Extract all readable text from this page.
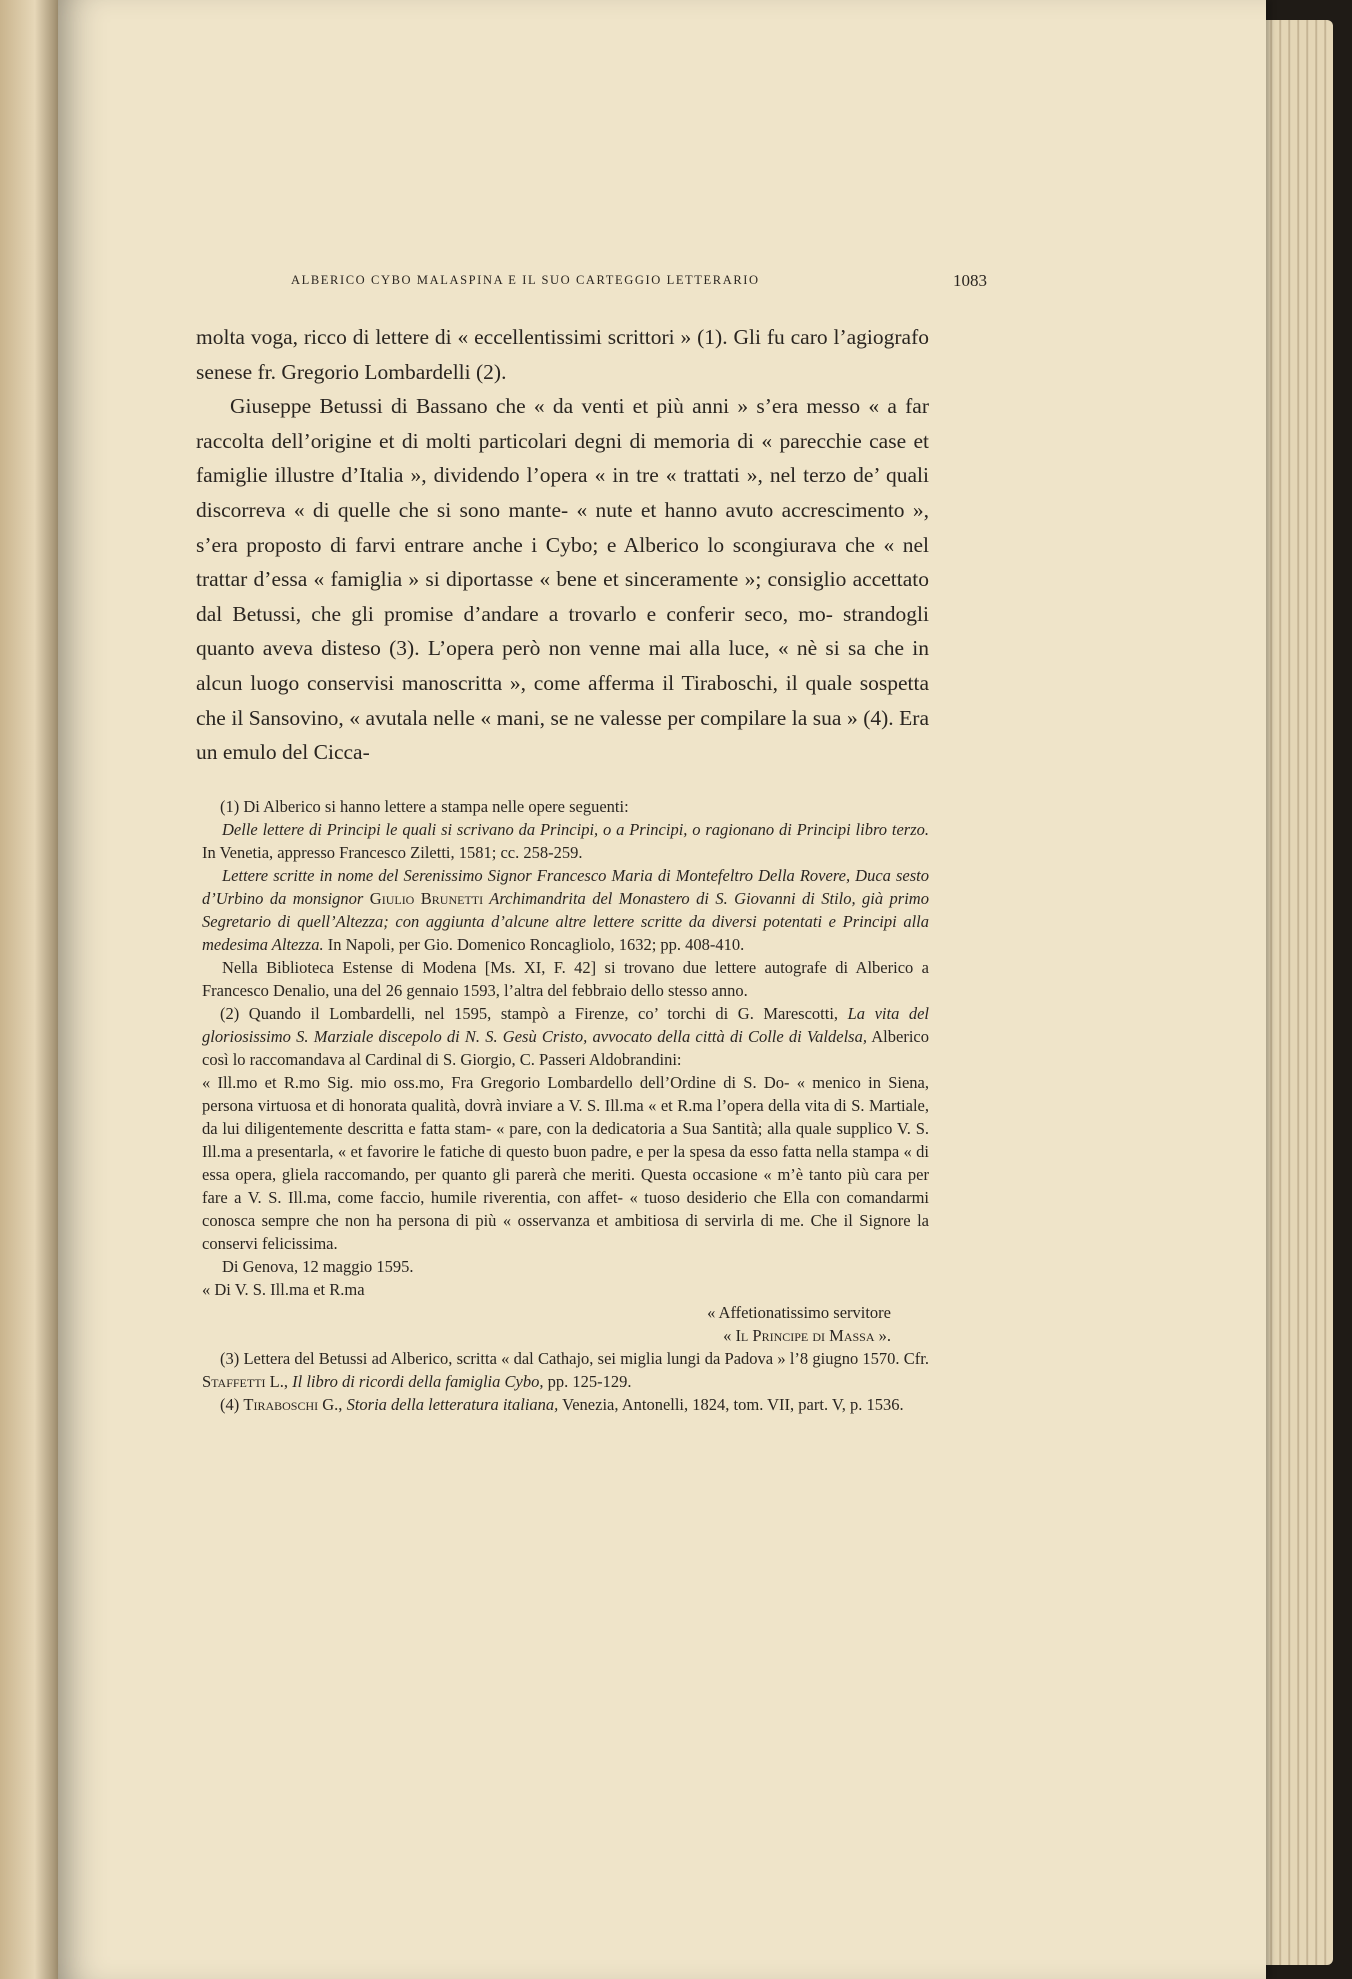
ALBERICO CYBO MALASPINA E IL SUO CARTEGGIO LETTERARIO	1083

molta voga, ricco di lettere di « eccellentissimi scrittori » (1). Gli fu caro l’agiografo senese fr. Gregorio Lombardelli (2).

Giuseppe Betussi di Bassano che « da venti et più anni » s’era messo « a far raccolta dell’origine et di molti particolari degni di memoria di « parecchie case et famiglie illustre d’Italia », dividendo l’opera « in tre « trattati », nel terzo de’ quali discorreva « di quelle che si sono mante- « nute et hanno avuto accrescimento », s’era proposto di farvi entrare anche i Cybo; e Alberico lo scongiurava che « nel trattar d’essa « famiglia » si diportasse « bene et sinceramente »; consiglio accettato dal Betussi, che gli promise d’andare a trovarlo e conferir seco, mo- strandogli quanto aveva disteso (3). L’opera però non venne mai alla luce, « nè si sa che in alcun luogo conservisi manoscritta », come afferma il Tiraboschi, il quale sospetta che il Sansovino, « avutala nelle « mani, se ne valesse per compilare la sua » (4). Era un emulo del Cicca-

(1) Di Alberico si hanno lettere a stampa nelle opere seguenti:

Delle lettere di Principi le quali si scrivano da Principi, o a Principi, o ragionano di Principi libro terzo. In Venetia, appresso Francesco Ziletti, 1581; cc. 258-259.

Lettere scritte in nome del Serenissimo Signor Francesco Maria di Montefeltro Della Rovere, Duca sesto d’Urbino da monsignor Giulio Brunetti Archimandrita del Monastero di S. Giovanni di Stilo, già primo Segretario di quell’Altezza; con aggiunta d’alcune altre lettere scritte da diversi potentati e Principi alla medesima Altezza. In Napoli, per Gio. Domenico Roncagliolo, 1632; pp. 408-410.

Nella Biblioteca Estense di Modena [Ms. XI, F. 42] si trovano due lettere autografe di Alberico a Francesco Denalio, una del 26 gennaio 1593, l’altra del febbraio dello stesso anno.

(2) Quando il Lombardelli, nel 1595, stampò a Firenze, co’ torchi di G. Marescotti, La vita del gloriosissimo S. Marziale discepolo di N. S. Gesù Cristo, avvocato della città di Colle di Valdelsa, Alberico così lo raccomandava al Cardinal di S. Giorgio, C. Passeri Aldobrandini:

« Ill.mo et R.mo Sig. mio oss.mo, Fra Gregorio Lombardello dell’Ordine di S. Do- « menico in Siena, persona virtuosa et di honorata qualità, dovrà inviare a V. S. Ill.ma « et R.ma l’opera della vita di S. Martiale, da lui diligentemente descritta e fatta stam- « pare, con la dedicatoria a Sua Santità; alla quale supplico V. S. Ill.ma a presentarla, « et favorire le fatiche di questo buon padre, e per la spesa da esso fatta nella stampa « di essa opera, gliela raccomando, per quanto gli parerà che meriti. Questa occasione « m’è tanto più cara per fare a V. S. Ill.ma, come faccio, humile riverentia, con affet- « tuoso desiderio che Ella con comandarmi conosca sempre che non ha persona di più « osservanza et ambitiosa di servirla di me. Che il Signore la conservi felicissima.

Di Genova, 12 maggio 1595.

« Di V. S. Ill.ma et R.ma

« Affetionatissimo servitore

« Il Principe di Massa ».

(3) Lettera del Betussi ad Alberico, scritta « dal Cathajo, sei miglia lungi da Padova » l’8 giugno 1570. Cfr. Staffetti L., Il libro di ricordi della famiglia Cybo, pp. 125-129.

(4) Tiraboschi G., Storia della letteratura italiana, Venezia, Antonelli, 1824, tom. VII, part. V, p. 1536.
